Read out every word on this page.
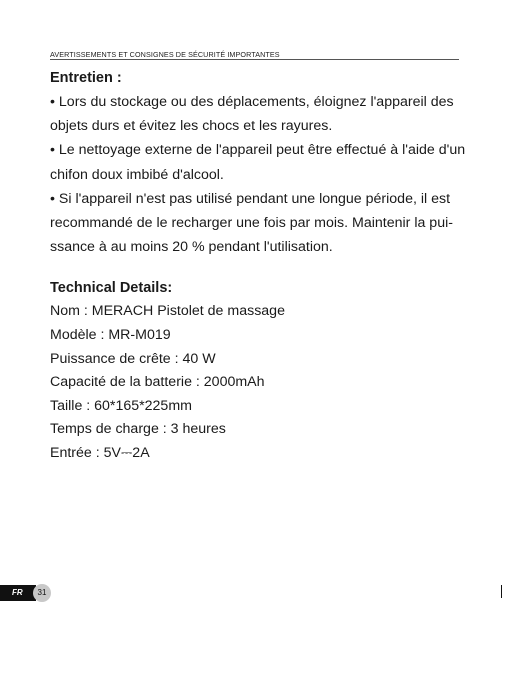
AVERTISSEMENTS ET CONSIGNES DE SÉCURITÉ IMPORTANTES

Entretien :

• Lors du stockage ou des déplacements, éloignez l'appareil des

objets durs et évitez les chocs et les rayures.

• Le nettoyage externe de l'appareil peut être effectué à l'aide d'un

chifon doux imbibé d'alcool.

• Si l'appareil n'est pas utilisé pendant une longue période, il est

recommandé de le recharger une fois par mois. Maintenir la pui-

ssance à au moins 20 % pendant l'utilisation.

Technical Details:

Nom : MERACH Pistolet de massage

Modèle : MR-M019

Puissance de crête : 40 W

Capacité de la batterie : 2000mAh

Taille : 60*165*225mm

Temps de charge : 3 heures

Entrée : 5V⎓2A

FR	31
